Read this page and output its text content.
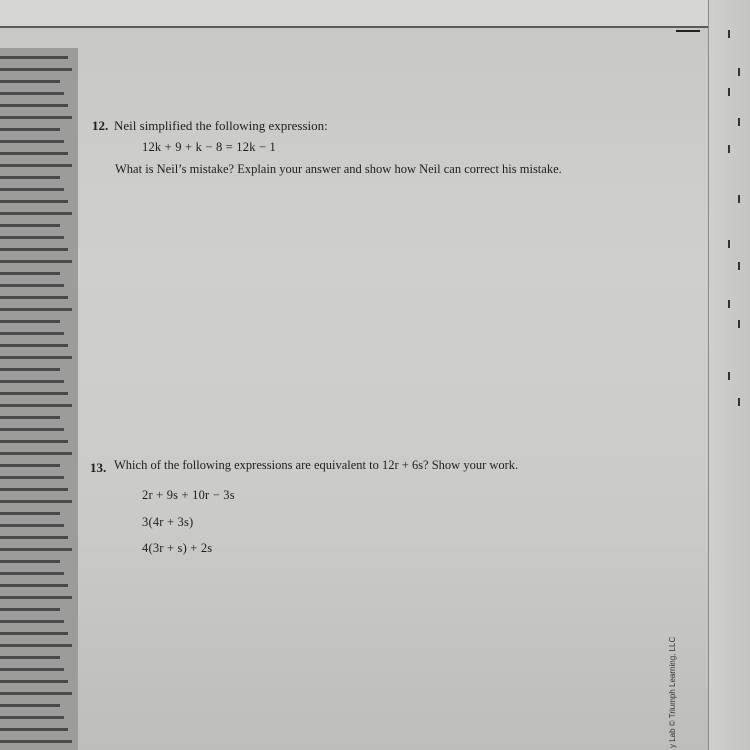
12. Neil simplified the following expression:
12k + 9 + k − 8 = 12k − 1
What is Neil’s mistake? Explain your answer and show how Neil can correct his mistake.
13. Which of the following expressions are equivalent to 12r + 6s? Show your work.
2r + 9s + 10r − 3s
3(4r + 3s)
4(3r + s) + 2s
y Lab © Triumph Learning, LLC
